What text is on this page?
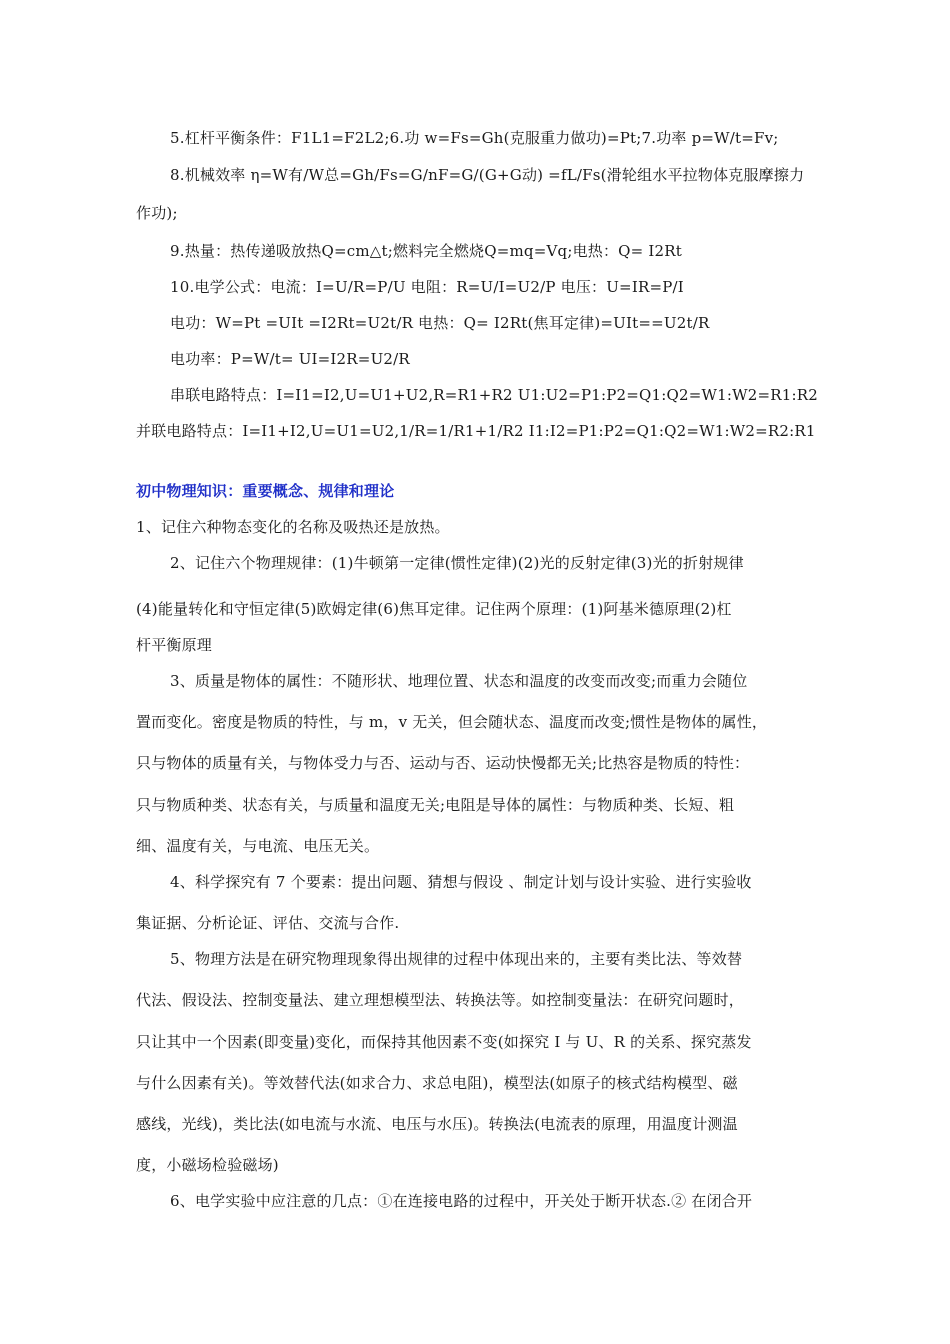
5.杠杆平衡条件：F1L1=F2L2;6.功 w=Fs=Gh(克服重力做功)=Pt;7.功率 p=W/t=Fv;
8.机械效率 η=W有/W总=Gh/Fs=G/nF=G/(G+G动) =fL/Fs(滑轮组水平拉物体克服摩擦力
作功);
9.热量：热传递吸放热Q=cm△t;燃料完全燃烧Q=mq=Vq;电热：Q= I2Rt
10.电学公式：电流：I=U/R=P/U 电阻：R=U/I=U2/P 电压：U=IR=P/I
电功：W=Pt =UIt =I2Rt=U2t/R 电热：Q= I2Rt(焦耳定律)=UIt==U2t/R
电功率：P=W/t= UI=I2R=U2/R
串联电路特点：I=I1=I2,U=U1+U2,R=R1+R2 U1:U2=P1:P2=Q1:Q2=W1:W2=R1:R2
并联电路特点：I=I1+I2,U=U1=U2,1/R=1/R1+1/R2 I1:I2=P1:P2=Q1:Q2=W1:W2=R2:R1
初中物理知识：重要概念、规律和理论
1、记住六种物态变化的名称及吸热还是放热。
2、记住六个物理规律：(1)牛顿第一定律(惯性定律)(2)光的反射定律(3)光的折射规律
(4)能量转化和守恒定律(5)欧姆定律(6)焦耳定律。记住两个原理：(1)阿基米德原理(2)杠
杆平衡原理
3、质量是物体的属性：不随形状、地理位置、状态和温度的改变而改变;而重力会随位
置而变化。密度是物质的特性，与 m，v 无关，但会随状态、温度而改变;惯性是物体的属性，
只与物体的质量有关，与物体受力与否、运动与否、运动快慢都无关;比热容是物质的特性：
只与物质种类、状态有关，与质量和温度无关;电阻是导体的属性：与物质种类、长短、粗
细、温度有关，与电流、电压无关。
4、科学探究有 7 个要素：提出问题、猜想与假设 、制定计划与设计实验、进行实验收
集证据、分析论证、评估、交流与合作.
5、物理方法是在研究物理现象得出规律的过程中体现出来的，主要有类比法、等效替
代法、假设法、控制变量法、建立理想模型法、转换法等。如控制变量法：在研究问题时，
只让其中一个因素(即变量)变化，而保持其他因素不变(如探究 I 与 U、R 的关系、探究蒸发
与什么因素有关)。等效替代法(如求合力、求总电阻)，模型法(如原子的核式结构模型、磁
感线，光线)，类比法(如电流与水流、电压与水压)。转换法(电流表的原理，用温度计测温
度，小磁场检验磁场)
6、电学实验中应注意的几点：①在连接电路的过程中，开关处于断开状态.② 在闭合开
